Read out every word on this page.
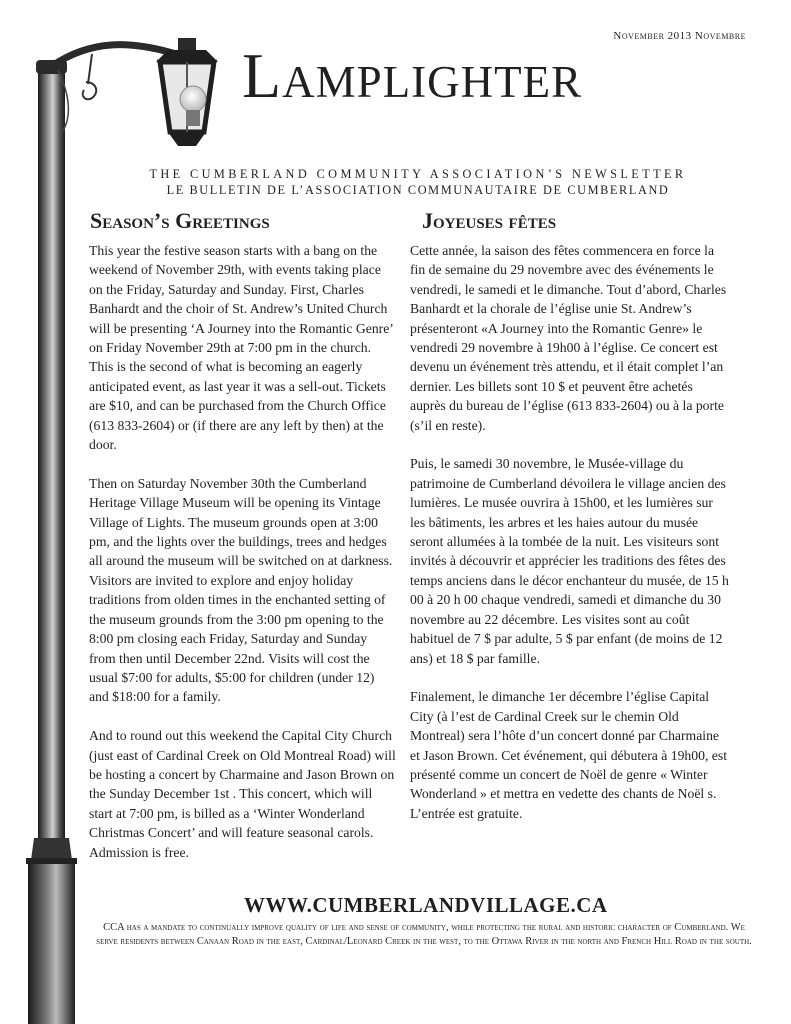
November 2013 Novembre
Lamplighter
THE CUMBERLAND COMMUNITY ASSOCIATION’S NEWSLETTER
LE BULLETIN DE L’ASSOCIATION COMMUNAUTAIRE DE CUMBERLAND
Season’s Greetings	Joyeuses fêtes

This year the festive season starts with a bang on the weekend of November 29th, with events taking place on the Friday, Saturday and Sunday. First, Charles Banhardt and the choir of St. Andrew’s United Church will be presenting ‘A Journey into the Romantic Genre’ on Friday November 29th at 7:00 pm in the church. This is the second of what is becoming an eagerly anticipated event, as last year it was a sell-out. Tickets are $10, and can be purchased from the Church Office (613 833-2604) or (if there are any left by then) at the door.

Then on Saturday November 30th the Cumberland Heritage Village Museum will be opening its Vintage Village of Lights. The museum grounds open at 3:00 pm, and the lights over the buildings, trees and hedges all around the museum will be switched on at darkness. Visitors are invited to explore and enjoy holiday traditions from olden times in the enchanted setting of the museum grounds from the 3:00 pm opening to the 8:00 pm closing each Friday, Saturday and Sunday from then until December 22nd. Visits will cost the usual $7:00 for adults, $5:00 for children (under 12) and $18:00 for a family.

And to round out this weekend the Capital City Church (just east of Cardinal Creek on Old Montreal Road) will be hosting a concert by Charmaine and Jason Brown on the Sunday December 1st . This concert, which will start at 7:00 pm, is billed as a ‘Winter Wonderland Christmas Concert’ and will feature seasonal carols. Admission is free.

Cette année, la saison des fêtes commencera en force la fin de semaine du 29 novembre avec des événements le vendredi, le samedi et le dimanche. Tout d’abord, Charles Banhardt et la chorale de l’église unie St. Andrew’s présenteront «A Journey into the Romantic Genre» le vendredi 29 novembre à 19h00 à l’église. Ce concert est devenu un événement très attendu, et il était complet l’an dernier. Les billets sont 10 $ et peuvent être achetés auprès du bureau de l’église (613 833-2604) ou à la porte (s’il en reste).

Puis, le samedi 30 novembre, le Musée-village du patrimoine de Cumberland dévoilera le village ancien des lumières. Le musée ouvrira à 15h00, et les lumières sur les bâtiments, les arbres et les haies autour du musée seront allumées à la tombée de la nuit. Les visiteurs sont invités à découvrir et apprécier les traditions des fêtes des temps anciens dans le décor enchanteur du musée, de 15 h 00 à 20 h 00 chaque vendredi, samedi et dimanche du 30 novembre au 22 décembre. Les visites sont au coût habituel de 7 $ par adulte, 5 $ par enfant (de moins de 12 ans) et 18 $ par famille.

Finalement, le dimanche 1er décembre l’église Capital City (à l’est de Cardinal Creek sur le chemin Old Montreal) sera l’hôte d’un concert donné par Charmaine et Jason Brown. Cet événement, qui débutera à 19h00, est présenté comme un concert de Noël de genre « Winter Wonderland » et mettra en vedette des chants de Noël s. L’entrée est gratuite.

WWW.CUMBERLANDVILLAGE.CA
CCA has a mandate to continually improve quality of life and sense of community, while protecting the rural and historic character of Cumberland. We serve residents between Canaan Road in the east, Cardinal/Leonard Creek in the west, to the Ottawa River in the north and French Hill Road in the south.
